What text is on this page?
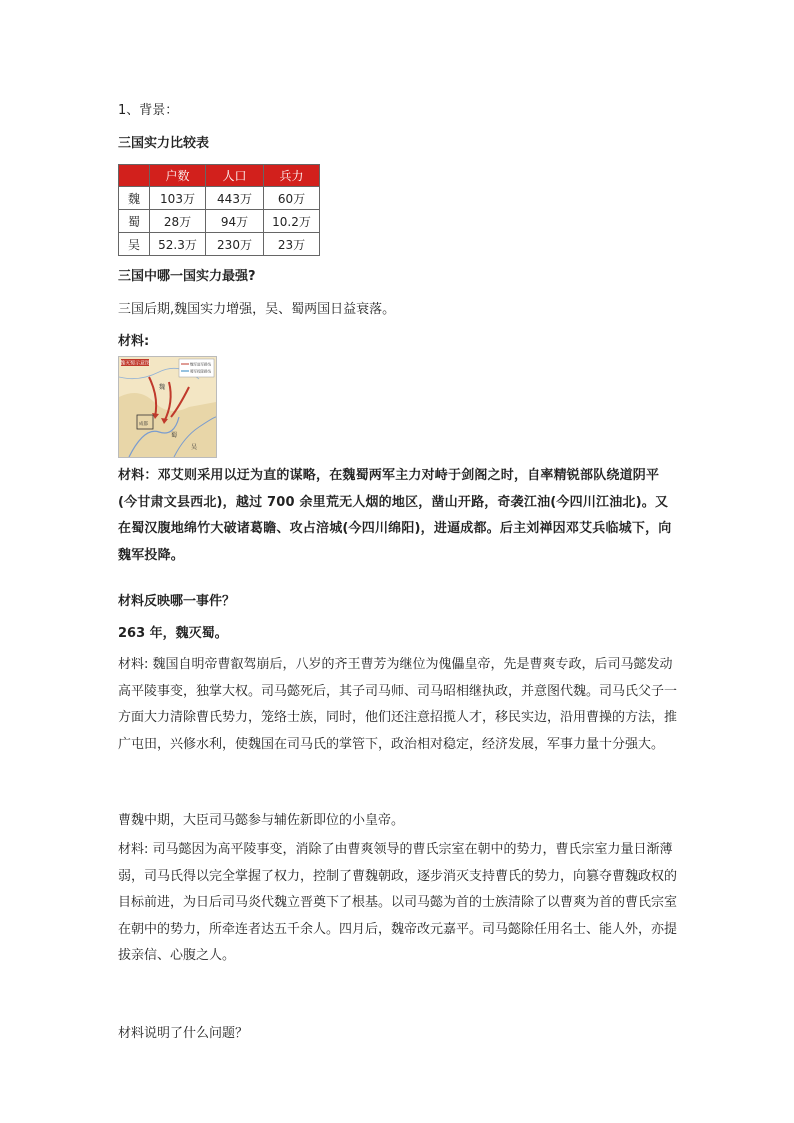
1、背景：
三国实力比较表
	户数	人口	兵力
魏	103万	443万	60万
蜀	28万	94万	10.2万
吴	52.3万	230万	23万
三国中哪一国实力最强?
三国后期,魏国实力增强，吴、蜀两国日益衰落。
材料:
魏灭蜀示意图	魏军进军路线
蜀军投降路线
魏
蜀
吴
成都
材料：邓艾则采用以迂为直的谋略，在魏蜀两军主力对峙于剑阁之时，自率精锐部队绕道阴平(今甘肃文县西北)，越过 700 余里荒无人烟的地区，凿山开路，奇袭江油(今四川江油北)。又在蜀汉腹地绵竹大破诸葛瞻、攻占涪城(今四川绵阳)，进逼成都。后主刘禅因邓艾兵临城下，向魏军投降。
材料反映哪一事件？
263 年，魏灭蜀。
材料: 魏国自明帝曹叡驾崩后，八岁的齐王曹芳为继位为傀儡皇帝，先是曹爽专政，后司马懿发动高平陵事变，独掌大权。司马懿死后，其子司马师、司马昭相继执政，并意图代魏。司马氏父子一方面大力清除曹氏势力，笼络士族，同时，他们还注意招揽人才，移民实边，沿用曹操的方法，推广屯田，兴修水利，使魏国在司马氏的掌管下，政治相对稳定，经济发展，军事力量十分强大。
曹魏中期，大臣司马懿参与辅佐新即位的小皇帝。
材料: 司马懿因为高平陵事变，消除了由曹爽领导的曹氏宗室在朝中的势力，曹氏宗室力量日渐薄弱，司马氏得以完全掌握了权力，控制了曹魏朝政，逐步消灭支持曹氏的势力，向篡夺曹魏政权的目标前进，为日后司马炎代魏立晋奠下了根基。以司马懿为首的士族清除了以曹爽为首的曹氏宗室在朝中的势力，所牵连者达五千余人。四月后，魏帝改元嘉平。司马懿除任用名士、能人外，亦提拔亲信、心腹之人。
材料说明了什么问题？
